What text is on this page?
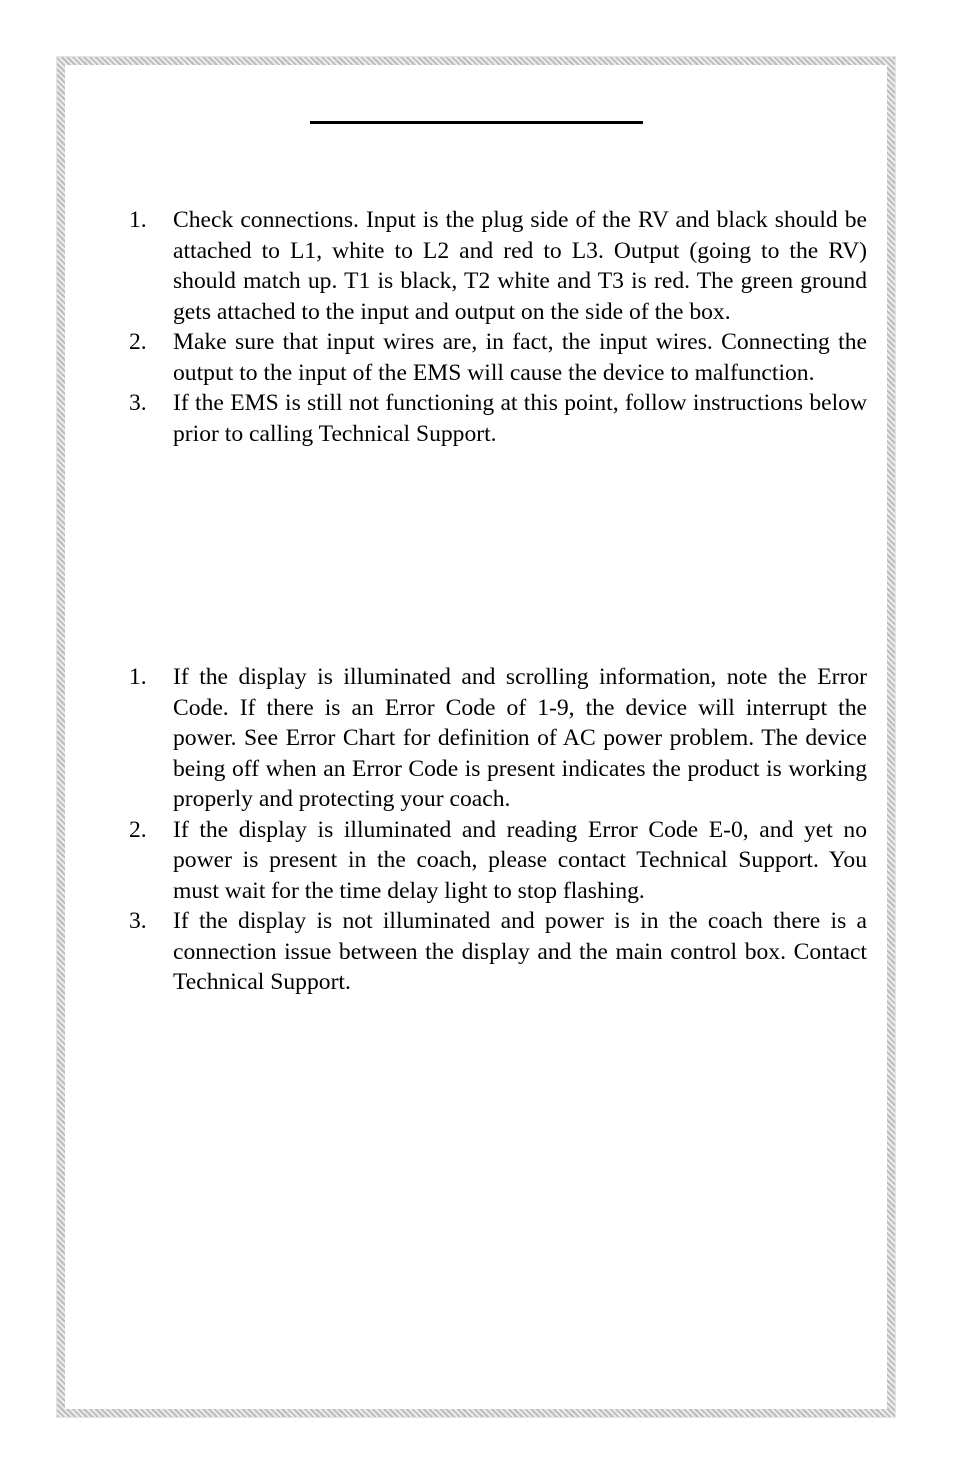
1. Check connections. Input is the plug side of the RV and black should be attached to L1, white to L2 and red to L3. Output (going to the RV) should match up. T1 is black, T2 white and T3 is red. The green ground gets attached to the input and output on the side of the box.
2. Make sure that input wires are, in fact, the input wires. Connecting the output to the input of the EMS will cause the device to malfunction.
3. If the EMS is still not functioning at this point, follow instructions below prior to calling Technical Support.
1. If the display is illuminated and scrolling information, note the Error Code. If there is an Error Code of 1-9, the device will interrupt the power. See Error Chart for definition of AC power problem. The device being off when an Error Code is present indicates the product is working properly and protecting your coach.
2. If the display is illuminated and reading Error Code E-0, and yet no power is present in the coach, please contact Technical Support. You must wait for the time delay light to stop flashing.
3. If the display is not illuminated and power is in the coach there is a connection issue between the display and the main control box. Contact Technical Support.
